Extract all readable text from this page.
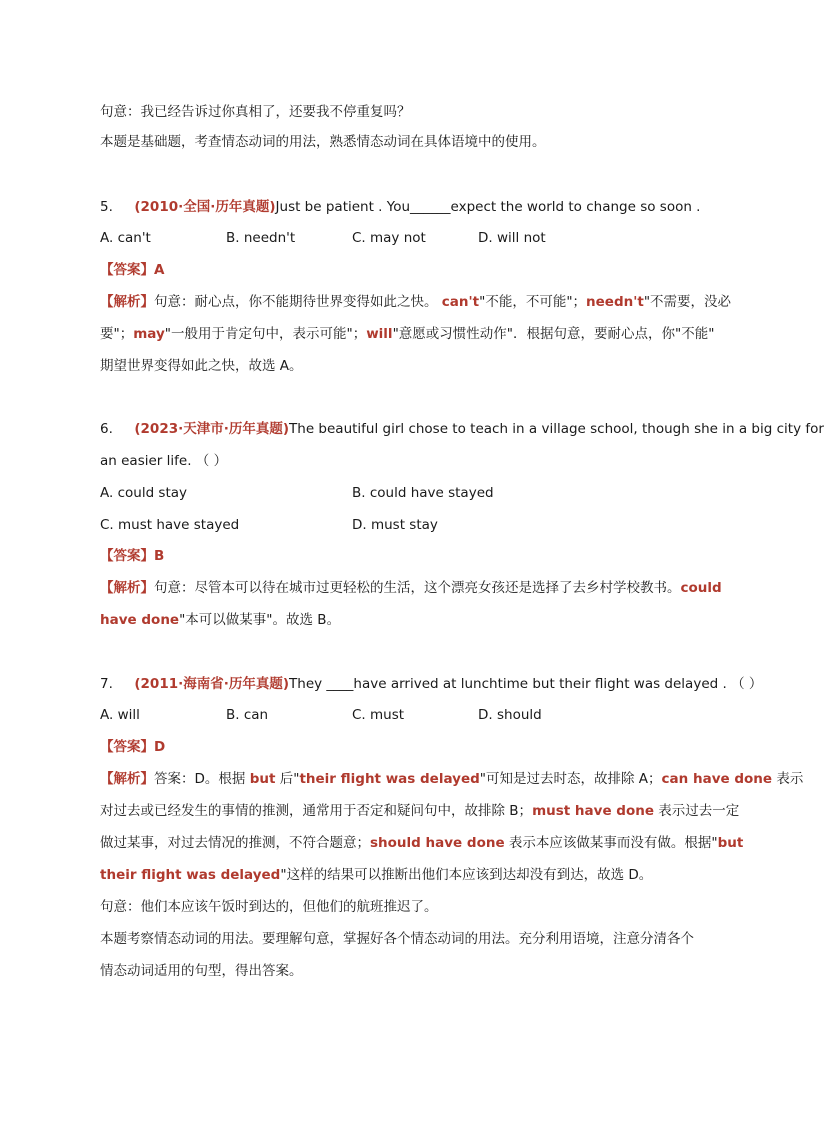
句意：我已经告诉过你真相了，还要我不停重复吗？
本题是基础题，考查情态动词的用法，熟悉情态动词在具体语境中的使用。
5. (2010·全国·历年真题)Just be patient . You______expect the world to change so soon .
A. can't	B. needn't	C. may not	D. will not
【答案】A
【解析】句意：耐心点，你不能期待世界变得如此之快。 can't"不能，不可能"；needn't"不需要，没必
要"；may"一般用于肯定句中，表示可能"；will"意愿或习惯性动作"．根据句意，要耐心点，你"不能"
期望世界变得如此之快，故选 A。
6. (2023·天津市·历年真题)The beautiful girl chose to teach in a village school, though she in a big city for
an easier life. （ ）
A. could stay	B. could have stayed
C. must have stayed	D. must stay
【答案】B
【解析】句意：尽管本可以待在城市过更轻松的生活，这个漂亮女孩还是选择了去乡村学校教书。could
have done"本可以做某事"。故选 B。
7. (2011·海南省·历年真题)They ____have arrived at lunchtime but their flight was delayed . （ ）
A. will	B. can	C. must	D. should
【答案】D
【解析】答案：D。根据 but 后"their flight was delayed"可知是过去时态，故排除 A；can have done 表示
对过去或已经发生的事情的推测，通常用于否定和疑问句中，故排除 B；must have done 表示过去一定
做过某事，对过去情况的推测，不符合题意；should have done 表示本应该做某事而没有做。根据"but
their flight was delayed"这样的结果可以推断出他们本应该到达却没有到达，故选 D。
句意：他们本应该午饭时到达的，但他们的航班推迟了。
本题考察情态动词的用法。要理解句意，掌握好各个情态动词的用法。充分利用语境，注意分清各个
情态动词适用的句型，得出答案。
